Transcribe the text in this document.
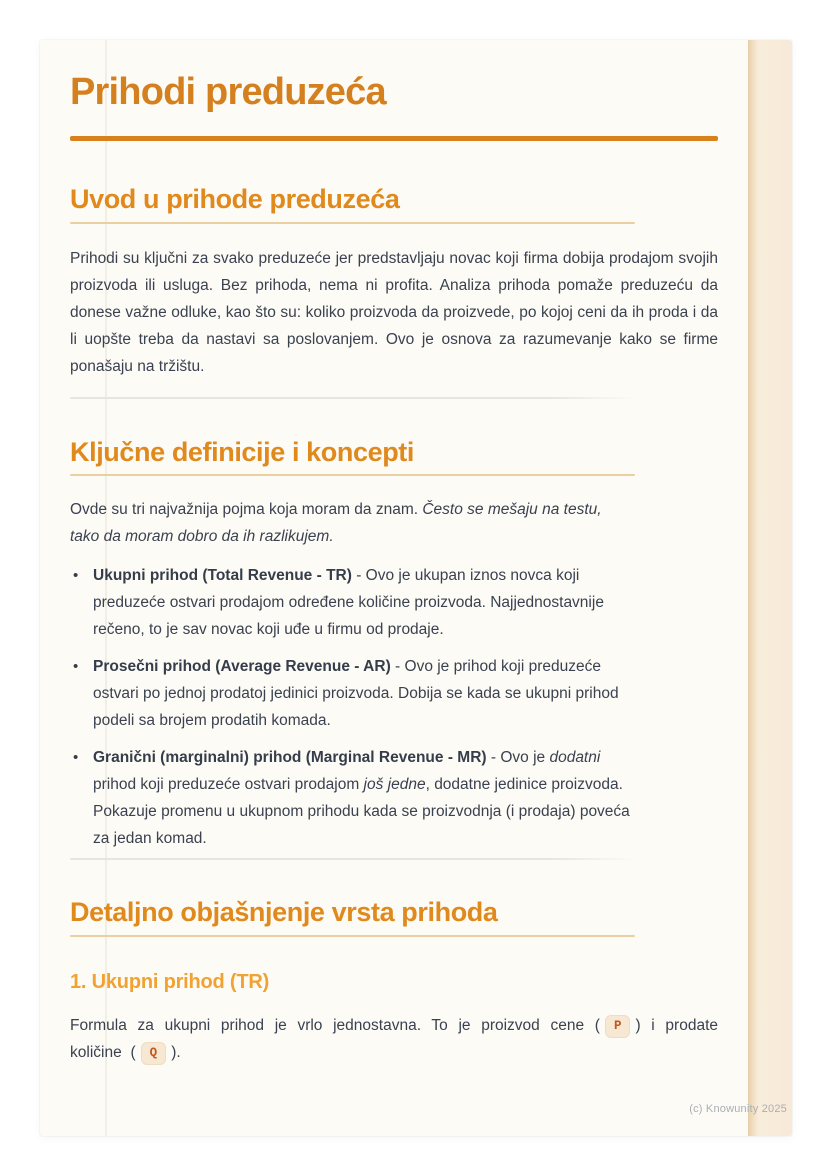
Prihodi preduzeća
Uvod u prihode preduzeća

Prihodi su ključni za svako preduzeće jer predstavljaju novac koji firma dobija prodajom svojih proizvoda ili usluga. Bez prihoda, nema ni profita. Analiza prihoda pomaže preduzeću da donese važne odluke, kao što su: koliko proizvoda da proizvede, po kojoj ceni da ih proda i da li uopšte treba da nastavi sa poslovanjem. Ovo je osnova za razumevanje kako se firme ponašaju na tržištu.

Ključne definicije i koncepti

Ovde su tri najvažnija pojma koja moram da znam. Često se mešaju na testu, tako da moram dobro da ih razlikujem.

• Ukupni prihod (Total Revenue - TR) - Ovo je ukupan iznos novca koji preduzeće ostvari prodajom određene količine proizvoda. Najjednostavnije rečeno, to je sav novac koji uđe u firmu od prodaje.
• Prosečni prihod (Average Revenue - AR) - Ovo je prihod koji preduzeće ostvari po jednoj prodatoj jedinici proizvoda. Dobija se kada se ukupni prihod podeli sa brojem prodatih komada.
• Granični (marginalni) prihod (Marginal Revenue - MR) - Ovo je dodatni prihod koji preduzeće ostvari prodajom još jedne, dodatne jedinice proizvoda. Pokazuje promenu u ukupnom prihodu kada se proizvodnja (i prodaja) poveća za jedan komad.
Detaljno objašnjenje vrsta prihoda
1. Ukupni prihod (TR)

Formula za ukupni prihod je vrlo jednostavna. To je proizvod cene ( P ) i prodate količine ( Q ).

(c) Knowunity 2025
